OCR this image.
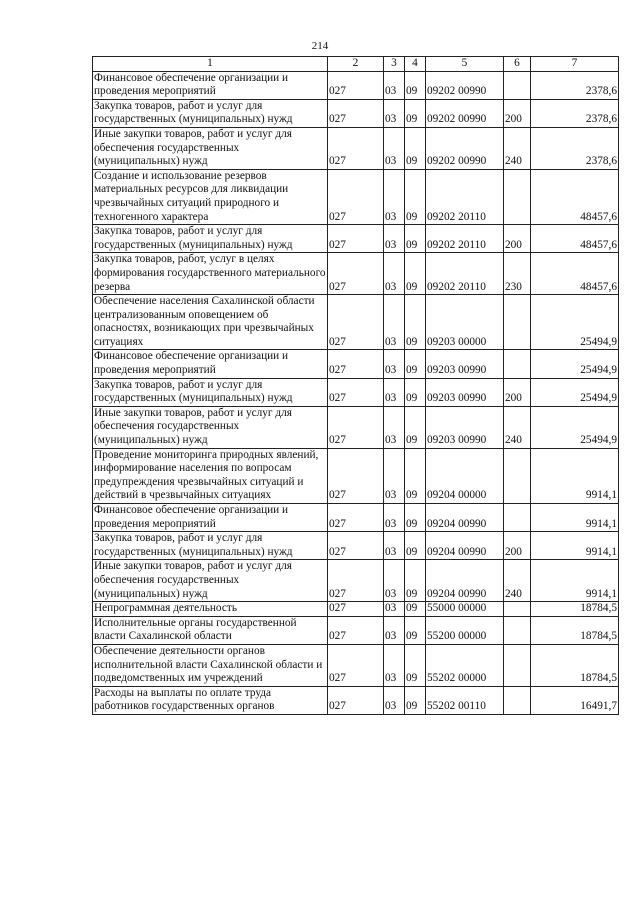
214
1	2	3	4	5	6	7
Финансовое обеспечение организации и проведения мероприятий	027	03	09	09202 00990		2378,6
Закупка товаров, работ и услуг для государственных (муниципальных) нужд	027	03	09	09202 00990	200	2378,6
Иные закупки товаров, работ и услуг для обеспечения государственных (муниципальных) нужд	027	03	09	09202 00990	240	2378,6
Создание и использование резервов материальных ресурсов для ликвидации чрезвычайных ситуаций природного и техногенного характера	027	03	09	09202 20110		48457,6
Закупка товаров, работ и услуг для государственных (муниципальных) нужд	027	03	09	09202 20110	200	48457,6
Закупка товаров, работ, услуг в целях формирования государственного материального резерва	027	03	09	09202 20110	230	48457,6
Обеспечение населения Сахалинской области централизованным оповещением об опасностях, возникающих при чрезвычайных ситуациях	027	03	09	09203 00000		25494,9
Финансовое обеспечение организации и проведения мероприятий	027	03	09	09203 00990		25494,9
Закупка товаров, работ и услуг для государственных (муниципальных) нужд	027	03	09	09203 00990	200	25494,9
Иные закупки товаров, работ и услуг для обеспечения государственных (муниципальных) нужд	027	03	09	09203 00990	240	25494,9
Проведение мониторинга природных явлений, информирование населения по вопросам предупреждения чрезвычайных ситуаций и действий в чрезвычайных ситуациях	027	03	09	09204 00000		9914,1
Финансовое обеспечение организации и проведения мероприятий	027	03	09	09204 00990		9914,1
Закупка товаров, работ и услуг для государственных (муниципальных) нужд	027	03	09	09204 00990	200	9914,1
Иные закупки товаров, работ и услуг для обеспечения государственных (муниципальных) нужд	027	03	09	09204 00990	240	9914,1
Непрограммная деятельность	027	03	09	55000 00000		18784,5
Исполнительные органы государственной власти Сахалинской области	027	03	09	55200 00000		18784,5
Обеспечение деятельности органов исполнительной власти Сахалинской области и подведомственных им учреждений	027	03	09	55202 00000		18784,5
Расходы на выплаты по оплате труда работников государственных органов	027	03	09	55202 00110		16491,7
